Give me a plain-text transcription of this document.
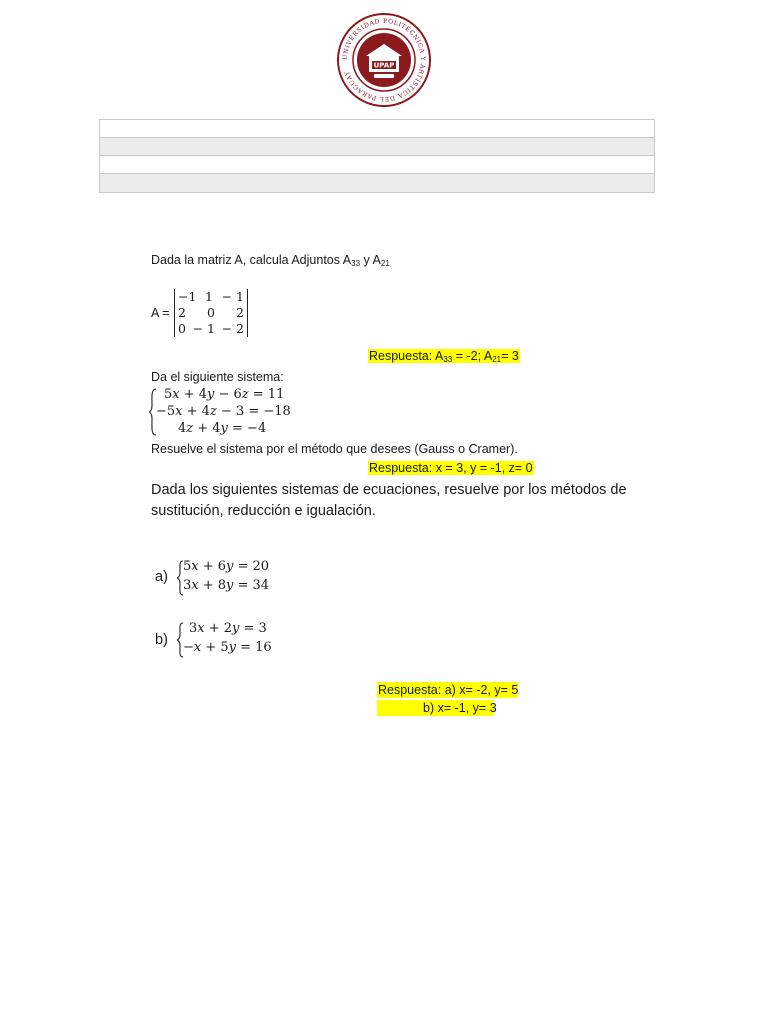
UNIVERSIDAD POLITÉCNICA Y ARTÍSTICA DEL PARAGUAY
UPAP
Dada la matriz A, calcula Adjuntos $A_{33}$ y $A_{21}$
A =
−1 1 − 1
2 0 2
0 − 1 − 2
Respuesta: $A_{33} = -2$; $A_{21}= 3$
Da el siguiente sistema:
5𝑥 + 4𝑦 − 6𝑧 = 11
−5𝑥 + 4𝑧 − 3 = −18
4𝑧 + 4𝑦 = −4
Resuelve el sistema por el método que desees (Gauss o Cramer).
Respuesta: x = 3, y = -1, z= 0
Dada los siguientes sistemas de ecuaciones, resuelve por los métodos de
sustitución, reducción e igualación.
a)
5𝑥 + 6𝑦 = 20
3𝑥 + 8𝑦 = 34
b)
3𝑥 + 2𝑦 = 3
−𝑥 + 5𝑦 = 16
Respuesta: a) x= -2, y= 5
b) x= -1, y= 3
